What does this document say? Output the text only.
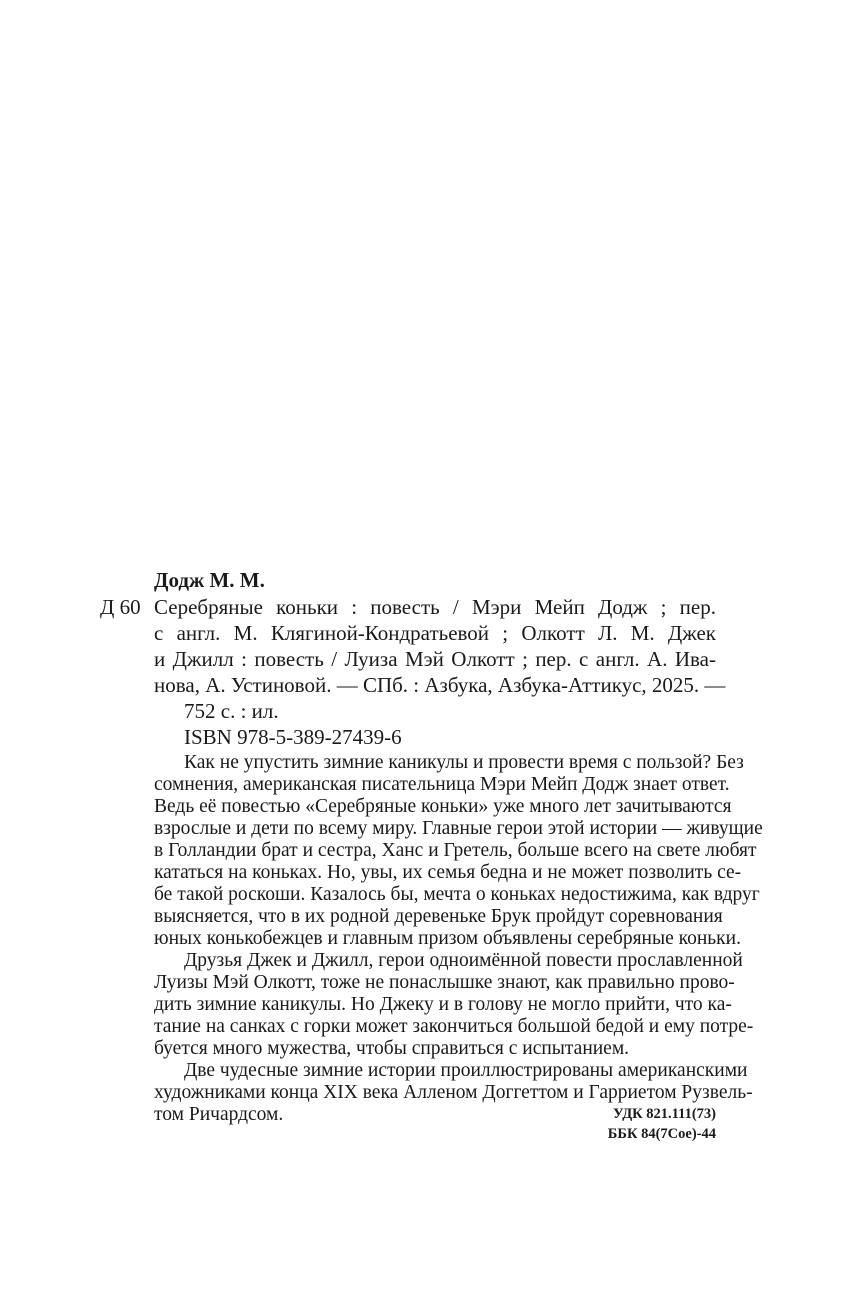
Додж М. М.
Д 60 Серебряные коньки : повесть / Мэри Мейп Додж ; пер.

с англ. М. Клягиной-Кондратьевой ; Олкотт Л. М. Джек

и Джилл : повесть / Луиза Мэй Олкотт ; пер. с англ. А. Ива-

нова, А. Устиновой. — СПб. : Азбука, Азбука-Аттикус, 2025. —

752 с. : ил.

ISBN 978-5-389-27439-6

Как не упустить зимние каникулы и провести время с пользой? Без

сомнения, американская писательница Мэри Мейп Додж знает ответ.

Ведь её повестью «Серебряные коньки» уже много лет зачитываются

взрослые и дети по всему миру. Главные герои этой истории — живущие

в Голландии брат и сестра, Ханс и Гретель, больше всего на свете любят

кататься на коньках. Но, увы, их семья бедна и не может позволить се-

бе такой роскоши. Казалось бы, мечта о коньках недостижима, как вдруг

выясняется, что в их родной деревеньке Брук пройдут соревнования

юных конькобежцев и главным призом объявлены серебряные коньки.

Друзья Джек и Джилл, герои одноимённой повести прославленной

Луизы Мэй Олкотт, тоже не понаслышке знают, как правильно прово-

дить зимние каникулы. Но Джеку и в голову не могло прийти, что ка-

тание на санках с горки может закончиться большой бедой и ему потре-

буется много мужества, чтобы справиться с испытанием.

Две чудесные зимние истории проиллюстрированы американскими

художниками конца XIX века Алленом Доггеттом и Гарриетом Рузвель-

том Ричардсом.	УДК 821.111(73)
ББК 84(7Сое)-44
